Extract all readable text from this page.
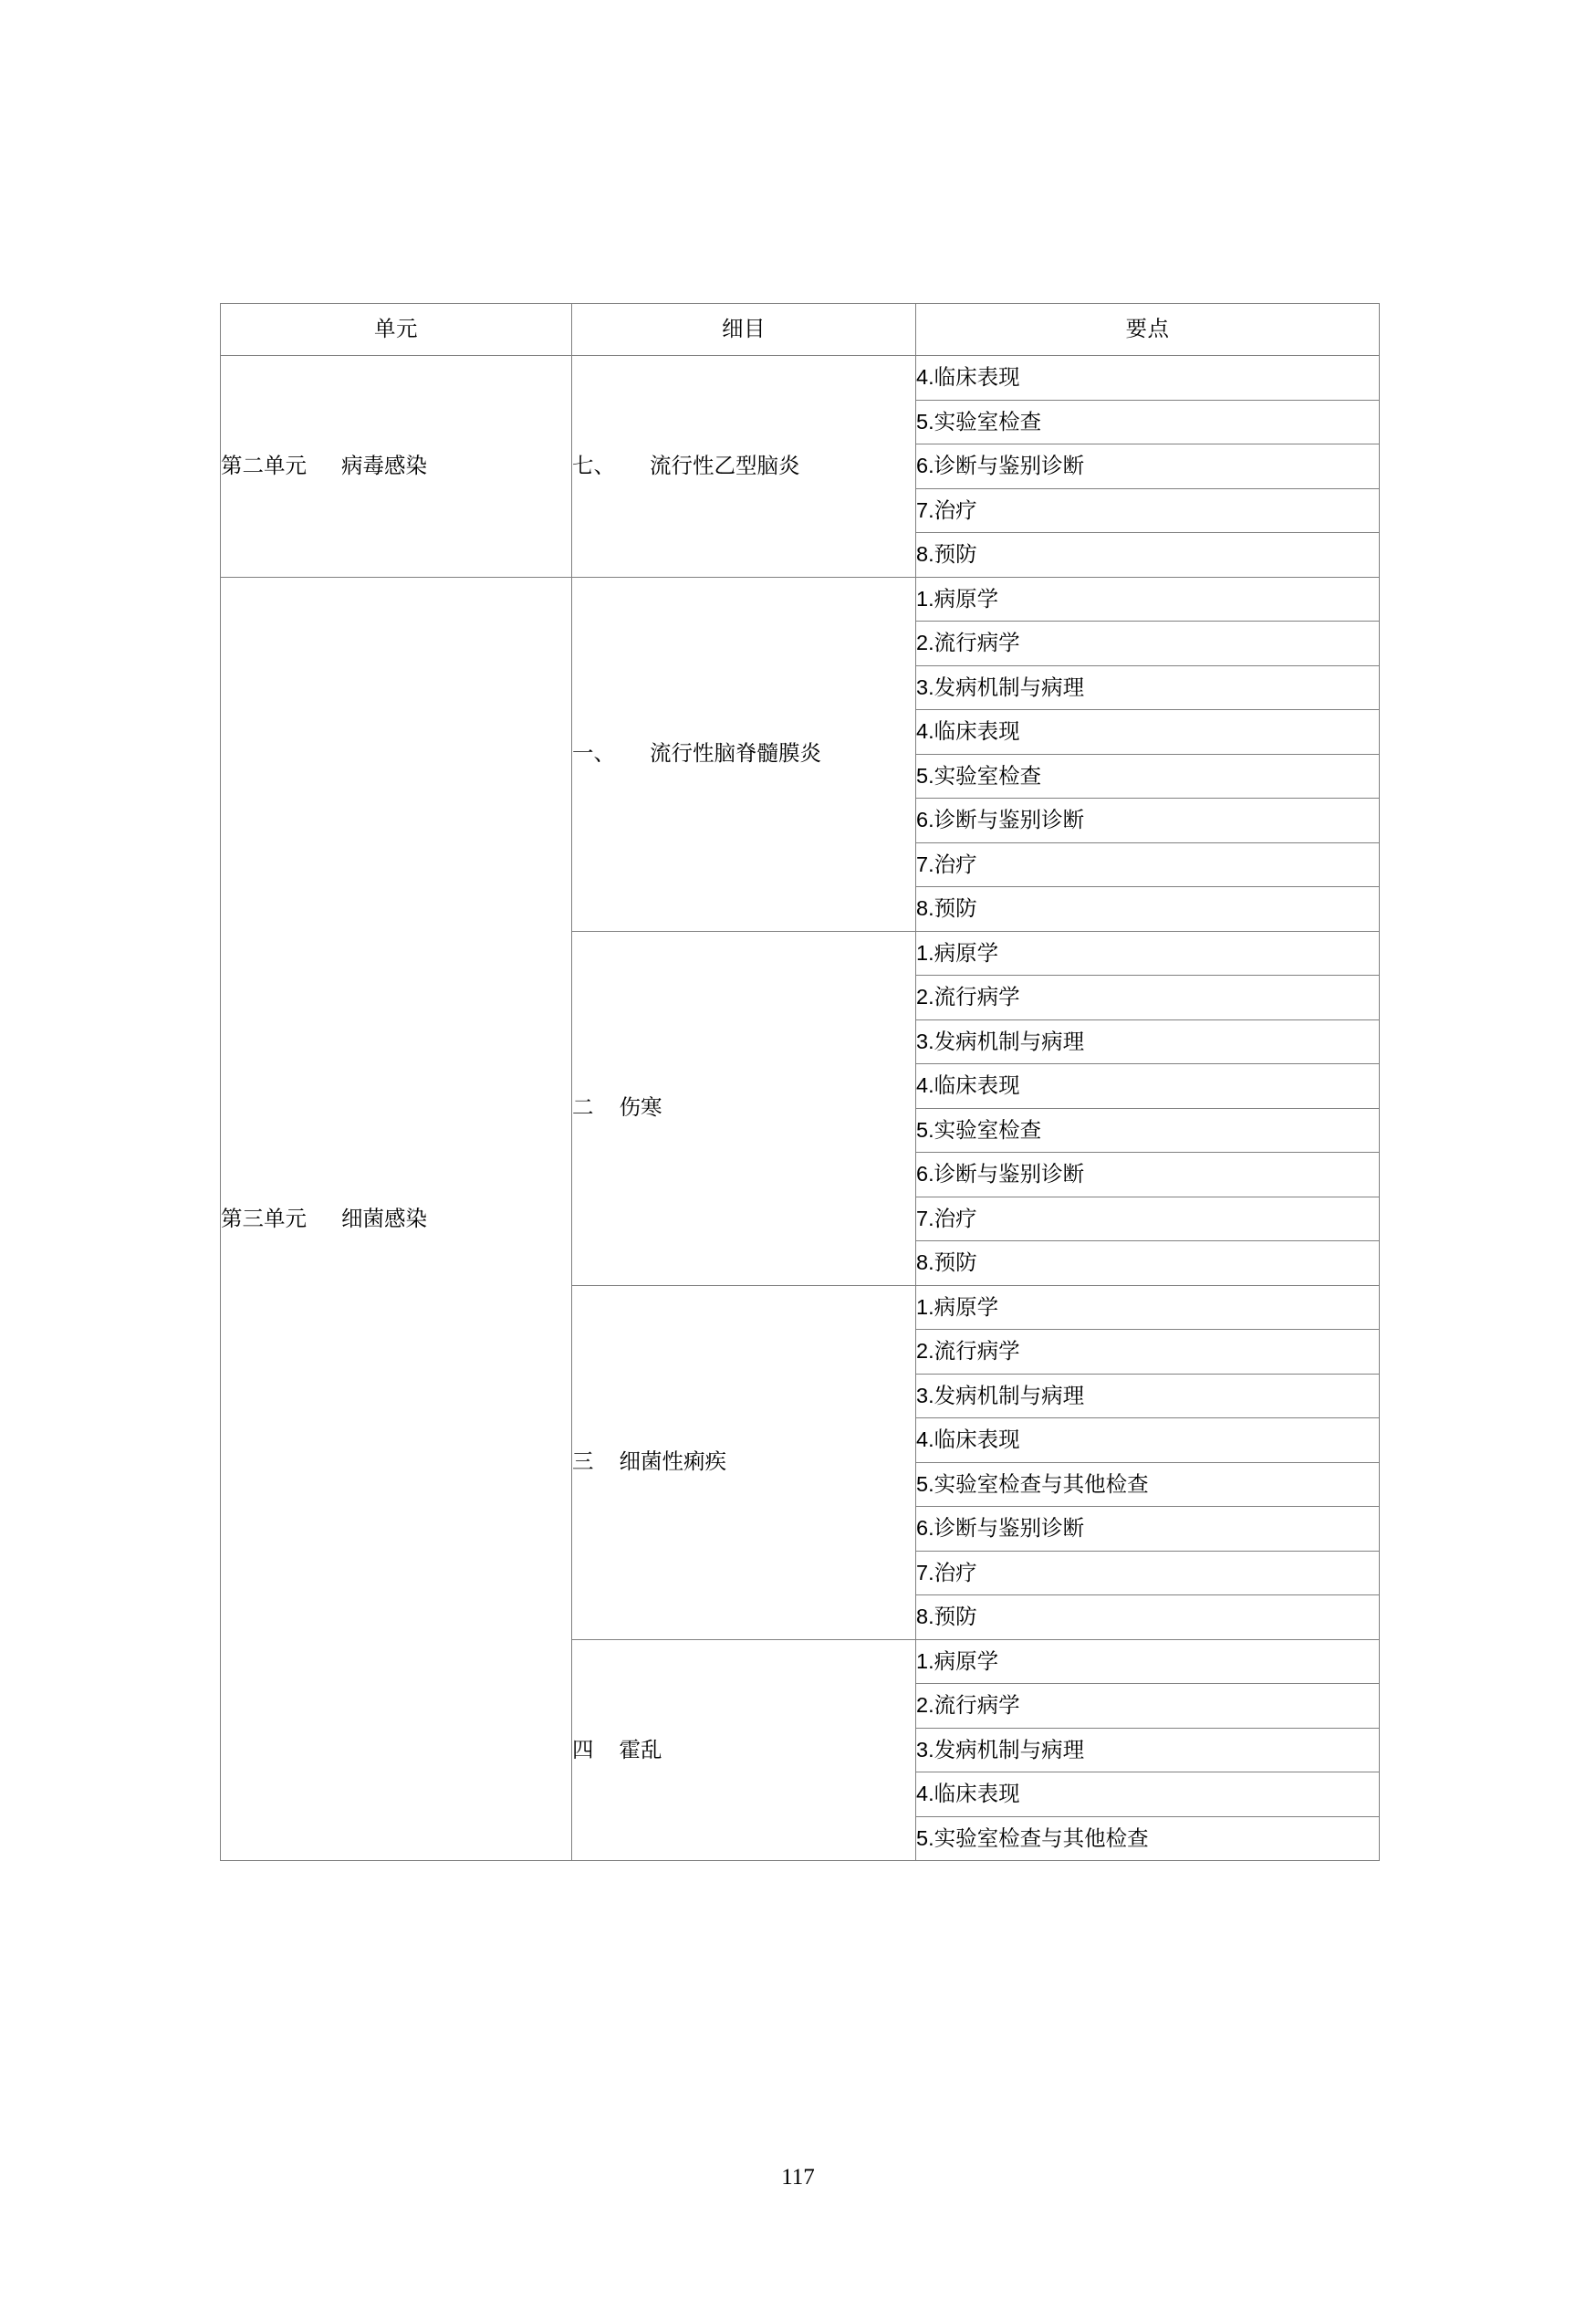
单元	细目	要点
第二单元 病毒感染	七、 流行性乙型脑炎	4.临床表现
		5.实验室检查
		6.诊断与鉴别诊断
		7.治疗
		8.预防
第三单元 细菌感染	一、 流行性脑脊髓膜炎	1.病原学
		2.流行病学
		3.发病机制与病理
		4.临床表现
		5.实验室检查
		6.诊断与鉴别诊断
		7.治疗
		8.预防
	二 伤寒	1.病原学
		2.流行病学
		3.发病机制与病理
		4.临床表现
		5.实验室检查
		6.诊断与鉴别诊断
		7.治疗
		8.预防
	三 细菌性痢疾	1.病原学
		2.流行病学
		3.发病机制与病理
		4.临床表现
		5.实验室检查与其他检查
		6.诊断与鉴别诊断
		7.治疗
		8.预防
	四 霍乱	1.病原学
		2.流行病学
		3.发病机制与病理
		4.临床表现
		5.实验室检查与其他检查
117
